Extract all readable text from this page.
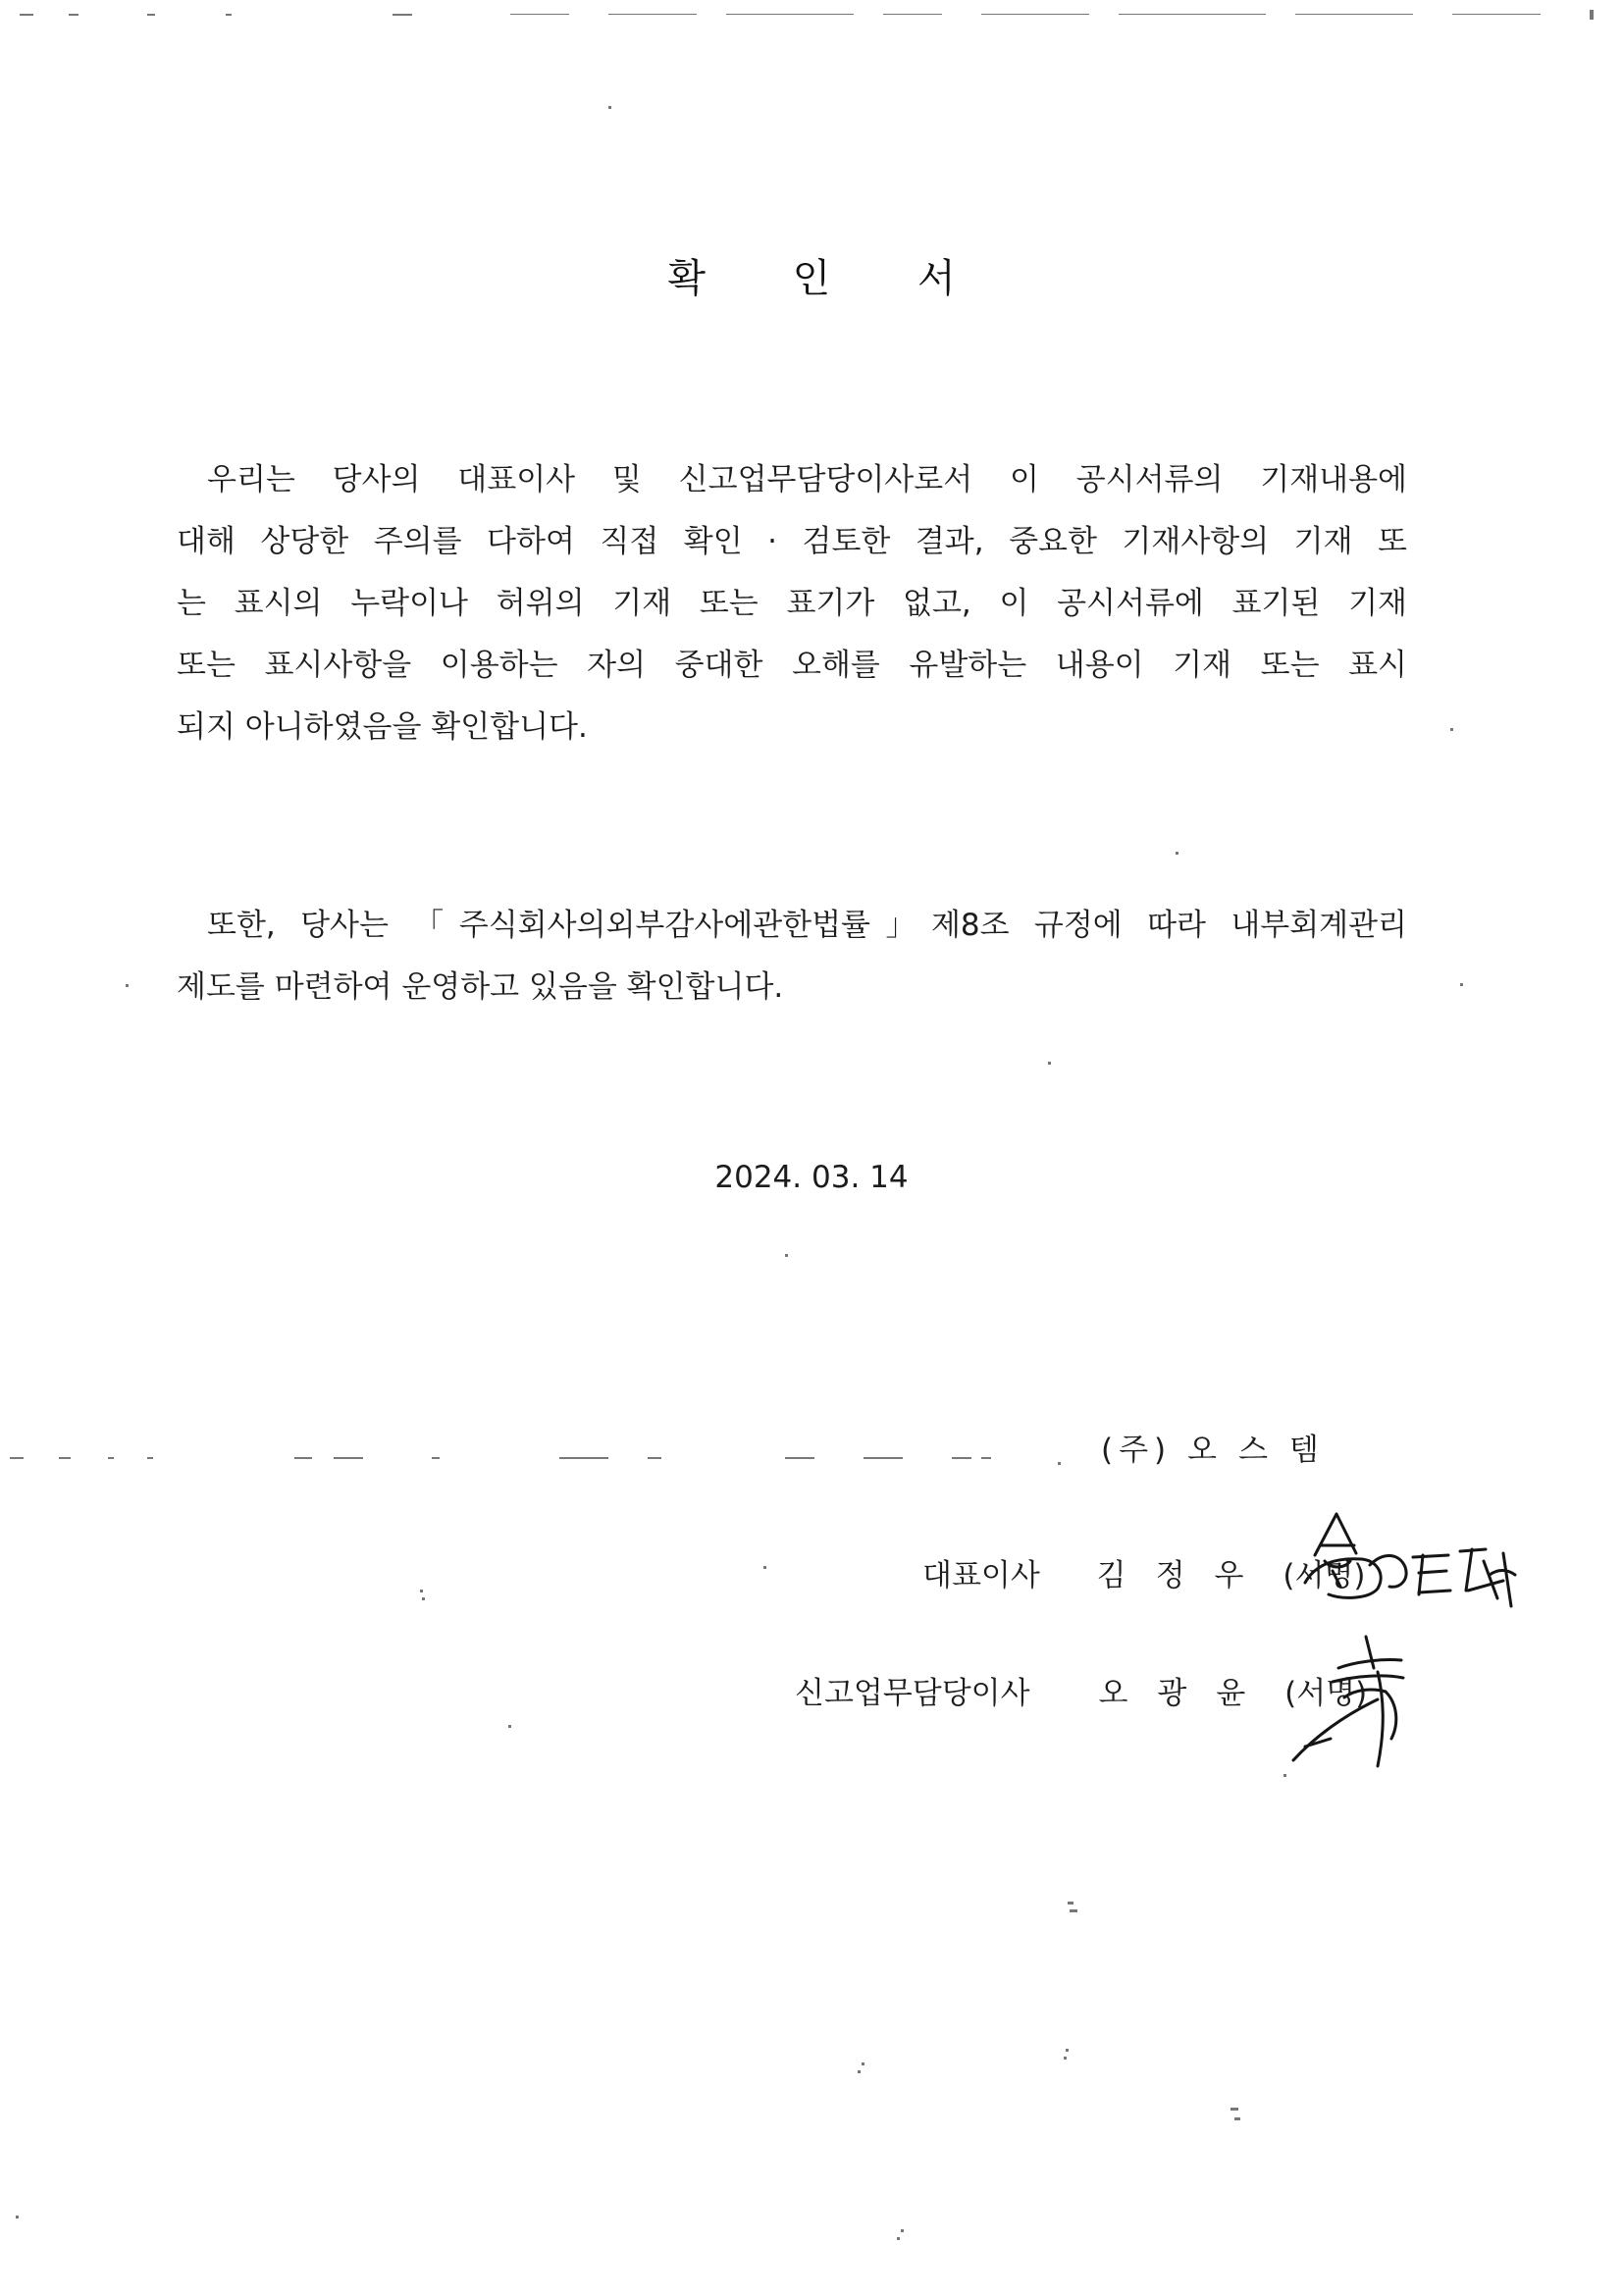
확 인 서
우리는 당사의 대표이사 및 신고업무담당이사로서 이 공시서류의 기재내용에
대해 상당한 주의를 다하여 직접 확인 · 검토한 결과, 중요한 기재사항의 기재 또
는 표시의 누락이나 허위의 기재 또는 표기가 없고, 이 공시서류에 표기된 기재
또는 표시사항을 이용하는 자의 중대한 오해를 유발하는 내용이 기재 또는 표시
되지 아니하였음을 확인합니다.
또한, 당사는 「주식회사의외부감사에관한법률」제8조 규정에 따라 내부회계관리
제도를 마련하여 운영하고 있음을 확인합니다.
2024. 03. 14
(주) 오스템
대표이사 김정우 (서명)
신고업무담당이사 오광윤 (서명)
